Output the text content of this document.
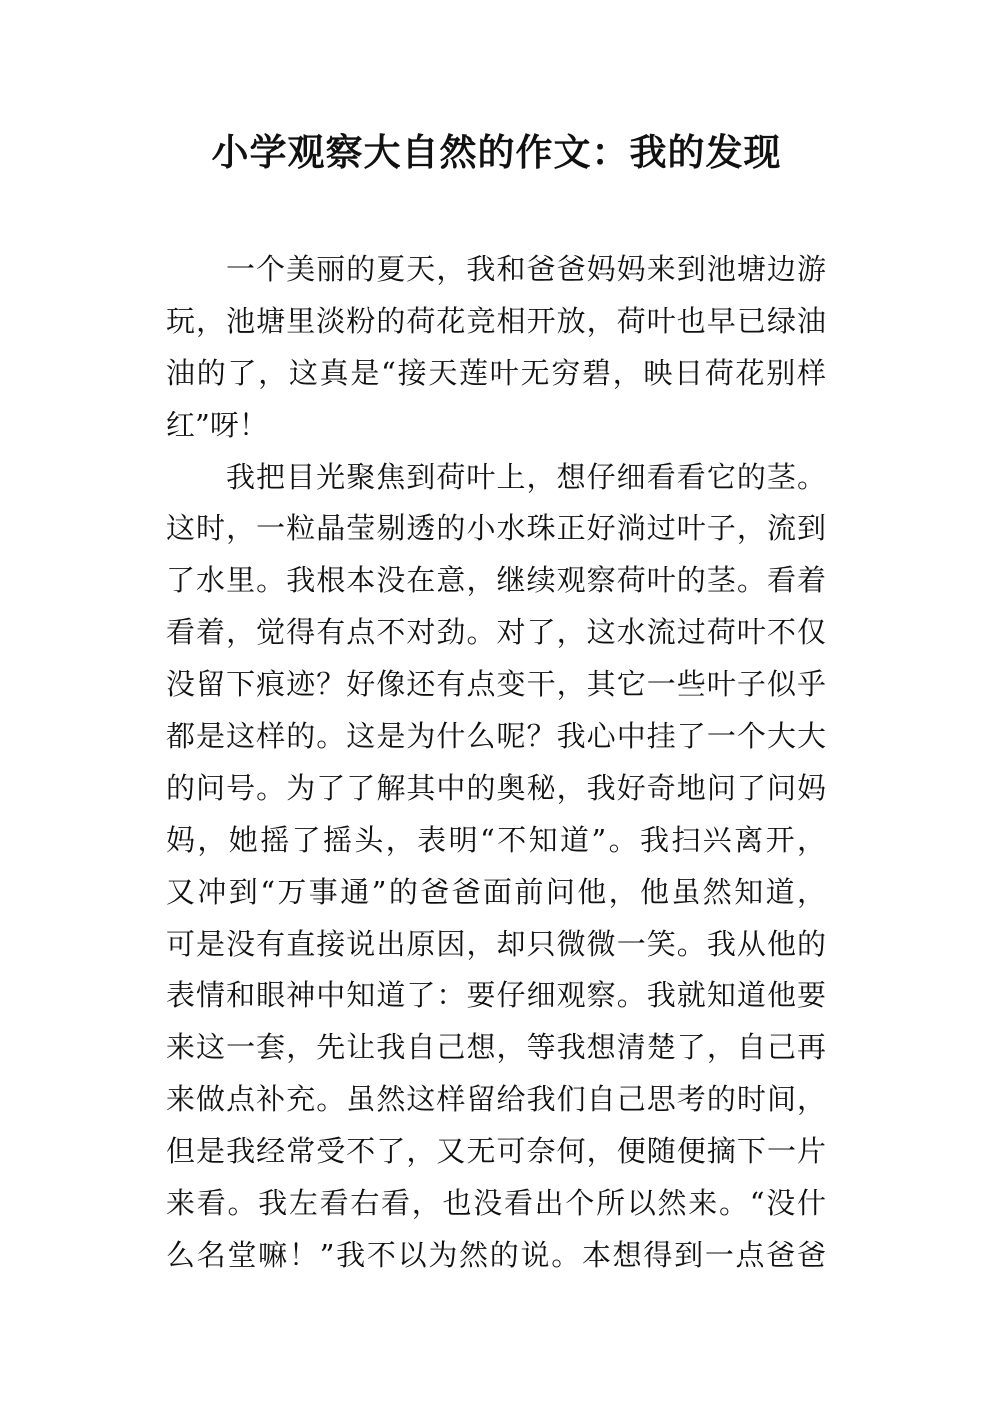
小学观察大自然的作文：我的发现
一个美丽的夏天，我和爸爸妈妈来到池塘边游
玩，池塘里淡粉的荷花竞相开放，荷叶也早已绿油
油的了，这真是“接天莲叶无穷碧，映日荷花别样
红”呀！
我把目光聚焦到荷叶上，想仔细看看它的茎。
这时，一粒晶莹剔透的小水珠正好淌过叶子，流到
了水里。我根本没在意，继续观察荷叶的茎。看着
看着，觉得有点不对劲。对了，这水流过荷叶不仅
没留下痕迹？好像还有点变干，其它一些叶子似乎
都是这样的。这是为什么呢？我心中挂了一个大大
的问号。为了了解其中的奥秘，我好奇地问了问妈
妈，她摇了摇头，表明“不知道”。我扫兴离开，
又冲到“万事通”的爸爸面前问他，他虽然知道，
可是没有直接说出原因，却只微微一笑。我从他的
表情和眼神中知道了：要仔细观察。我就知道他要
来这一套，先让我自己想，等我想清楚了，自己再
来做点补充。虽然这样留给我们自己思考的时间，
但是我经常受不了，又无可奈何，便随便摘下一片
来看。我左看右看，也没看出个所以然来。“没什
么名堂嘛！”我不以为然的说。本想得到一点爸爸
